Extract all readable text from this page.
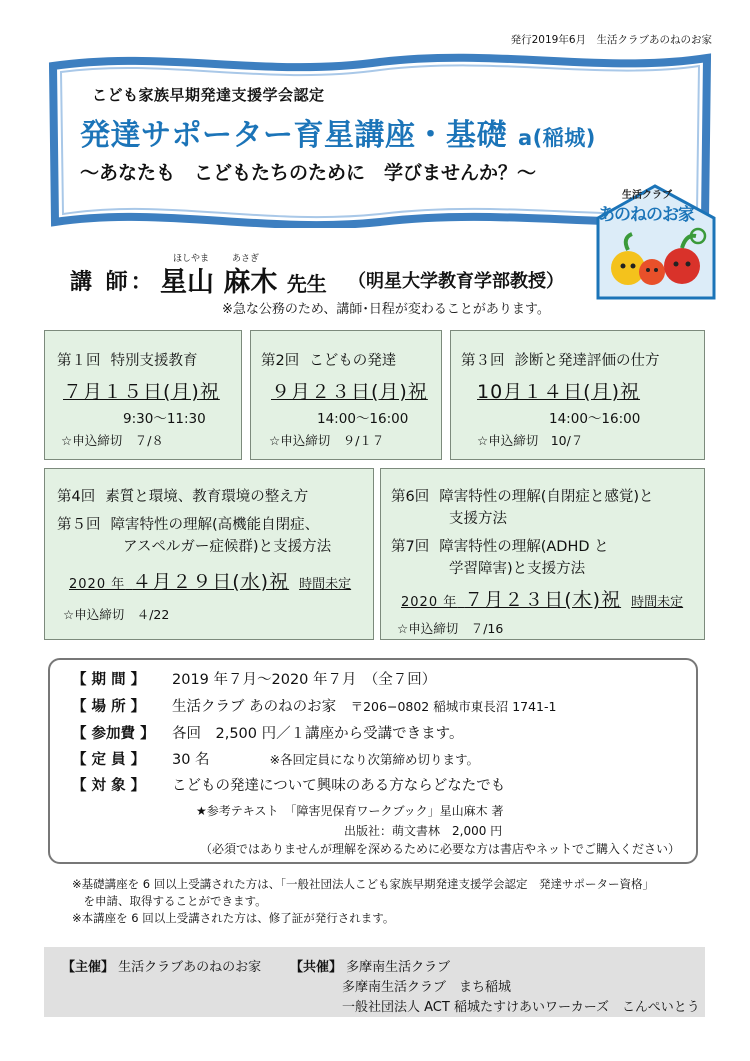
発行2019年6月　生活クラブあのねのお家
こども家族早期発達支援学会認定
発達サポーター育星講座・基礎 a(稲城)
〜あなたも　こどもたちのために　学びませんか？〜
生活クラブ
あのねのお家
ほしやま	あさぎ
講 師： 星山 麻木 先生 （明星大学教育学部教授）
※急な公務のため、講師･日程が変わることがあります。
第１回 特別支援教育
７月１５日(月)祝
9:30〜11:30
☆申込締切　７/８
第2回 こどもの発達
９月２３日(月)祝
14:00〜16:00
☆申込締切　９/１７
第３回 診断と発達評価の仕方
10月１４日(月)祝
14:00〜16:00
☆申込締切　10/７
第4回 素質と環境、教育環境の整え方
第５回 障害特性の理解(高機能自閉症、
アスペルガー症候群)と支援方法
2020 年 ４月２９日(水)祝 時間未定
☆申込締切　４/22
第6回 障害特性の理解(自閉症と感覚)と
支援方法
第7回 障害特性の理解(ADHD と
学習障害)と支援方法
2020 年 ７月２３日(木)祝 時間未定
☆申込締切　７/16
【 期 間 】 2019 年７月〜2020 年７月　 （全７回）
【 場 所 】 生活クラブ あのねのお家　 〒206−0802 稲城市東長沼 1741-1
【 参加費 】 各回　2,500 円／１講座から受講できます。
【 定 員 】 30 名	※各回定員になり次第締め切ります。
【 対 象 】 こどもの発達について興味のある方ならどなたでも
★参考テキスト　「障害児保育ワークブック」星山麻木 著
出版社：萌文書林　2,000 円
（必須ではありませんが理解を深めるために必要な方は書店やネットでご購入ください）
※基礎講座を 6 回以上受講された方は、「一般社団法人こども家族早期発達支援学会認定　発達サポーター資格」
　を申請、取得することができます。
※本講座を 6 回以上受講された方は、修了証が発行されます。
【主催】 生活クラブあのねのお家 【共催】 多摩南生活クラブ
多摩南生活クラブ　まち稲城
一般社団法人 ACT 稲城たすけあいワーカーズ　こんぺいとう
